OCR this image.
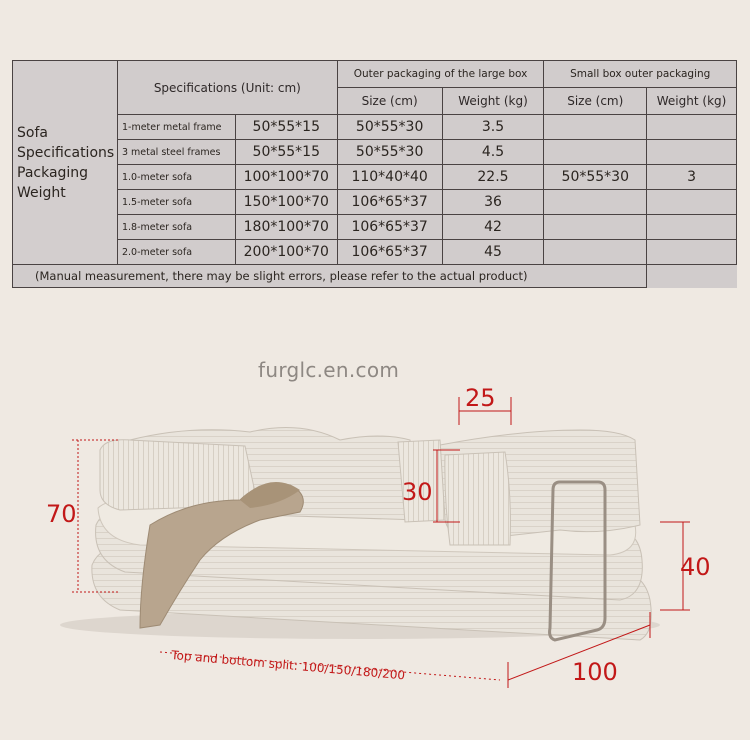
Sofa Specifications Packaging Weight	Specifications (Unit: cm)		Outer packaging of the large box		Small box outer packaging	
			Size (cm)	Weight (kg)	Size (cm)	Weight (kg)
	1-meter metal frame	50*55*15	50*55*30	3.5		
	3 metal steel frames	50*55*15	50*55*30	4.5		
	1.0-meter sofa	100*100*70	110*40*40	22.5	50*55*30	3
	1.5-meter sofa	150*100*70	106*65*37	36		
	1.8-meter sofa	180*100*70	106*65*37	42		
	2.0-meter sofa	200*100*70	106*65*37	45		
(Manual measurement, there may be slight errors, please refer to the actual product)						
furglc.en.com
70
25
30
40
100
Top and bottom split: 100/150/180/200
